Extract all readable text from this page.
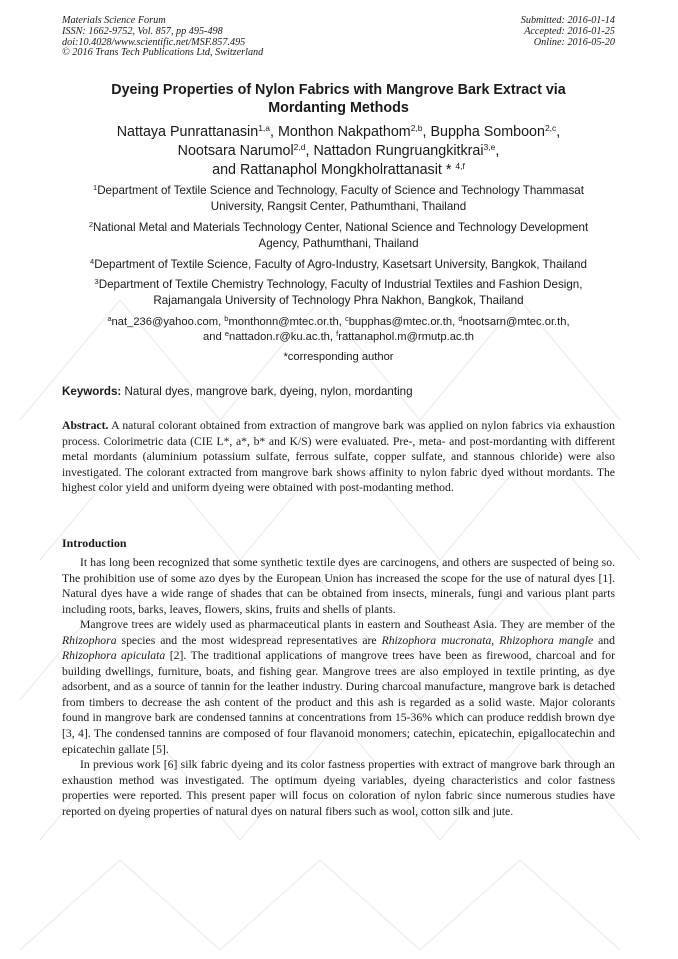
Materials Science Forum
ISSN: 1662-9752, Vol. 857, pp 495-498
doi:10.4028/www.scientific.net/MSF.857.495
© 2016 Trans Tech Publications Ltd, Switzerland
Submitted: 2016-01-14
Accepted: 2016-01-25
Online: 2016-05-20
Dyeing Properties of Nylon Fabrics with Mangrove Bark Extract via
Mordanting Methods
Nattaya Punrattanasin$^{1,a}$, Monthon Nakpathom$^{2,b}$, Buppha Somboon$^{2,c}$,
Nootsara Narumol$^{2,d}$, Nattadon Rungruangkitkrai$^{3,e}$,
and Rattanaphol Mongkholrattanasit * $^{4,f}$
$^1$Department of Textile Science and Technology, Faculty of Science and Technology Thammasat
University, Rangsit Center, Pathumthani, Thailand
$^2$National Metal and Materials Technology Center, National Science and Technology Development
Agency, Pathumthani, Thailand
$^4$Department of Textile Science, Faculty of Agro-Industry, Kasetsart University, Bangkok, Thailand
$^3$Department of Textile Chemistry Technology, Faculty of Industrial Textiles and Fashion Design,
Rajamangala University of Technology Phra Nakhon, Bangkok, Thailand
$^a$nat_236@yahoo.com, $^b$monthonn@mtec.or.th, $^c$bupphas@mtec.or.th, $^d$nootsarn@mtec.or.th,
and $^e$nattadon.r@ku.ac.th, $^f$rattanaphol.m@rmutp.ac.th
*corresponding author
Keywords: Natural dyes, mangrove bark, dyeing, nylon, mordanting
Abstract. A natural colorant obtained from extraction of mangrove bark was applied on nylon fabrics via exhaustion process. Colorimetric data (CIE L*, a*, b* and K/S) were evaluated. Pre-, meta- and post-mordanting with different metal mordants (aluminium potassium sulfate, ferrous sulfate, copper sulfate, and stannous chloride) were also investigated. The colorant extracted from mangrove bark shows affinity to nylon fabric dyed without mordants. The highest color yield and uniform dyeing were obtained with post-modanting method.
Introduction

It has long been recognized that some synthetic textile dyes are carcinogens, and others are suspected of being so. The prohibition use of some azo dyes by the European Union has increased the scope for the use of natural dyes [1]. Natural dyes have a wide range of shades that can be obtained from insects, minerals, fungi and various plant parts including roots, barks, leaves, flowers, skins, fruits and shells of plants.

Mangrove trees are widely used as pharmaceutical plants in eastern and Southeast Asia. They are member of the Rhizophora species and the most widespread representatives are Rhizophora mucronata, Rhizophora mangle and Rhizophora apiculata [2]. The traditional applications of mangrove trees have been as firewood, charcoal and for building dwellings, furniture, boats, and fishing gear. Mangrove trees are also employed in textile printing, as dye adsorbent, and as a source of tannin for the leather industry. During charcoal manufacture, mangrove bark is detached from timbers to decrease the ash content of the product and this ash is regarded as a solid waste. Major colorants found in mangrove bark are condensed tannins at concentrations from 15-36% which can produce reddish brown dye [3, 4]. The condensed tannins are composed of four flavanoid monomers; catechin, epicatechin, epigallocatechin and epicatechin gallate [5].

In previous work [6] silk fabric dyeing and its color fastness properties with extract of mangrove bark through an exhaustion method was investigated. The optimum dyeing variables, dyeing characteristics and color fastness properties were reported. This present paper will focus on coloration of nylon fabric since numerous studies have reported on dyeing properties of natural dyes on natural fibers such as wool, cotton silk and jute.
